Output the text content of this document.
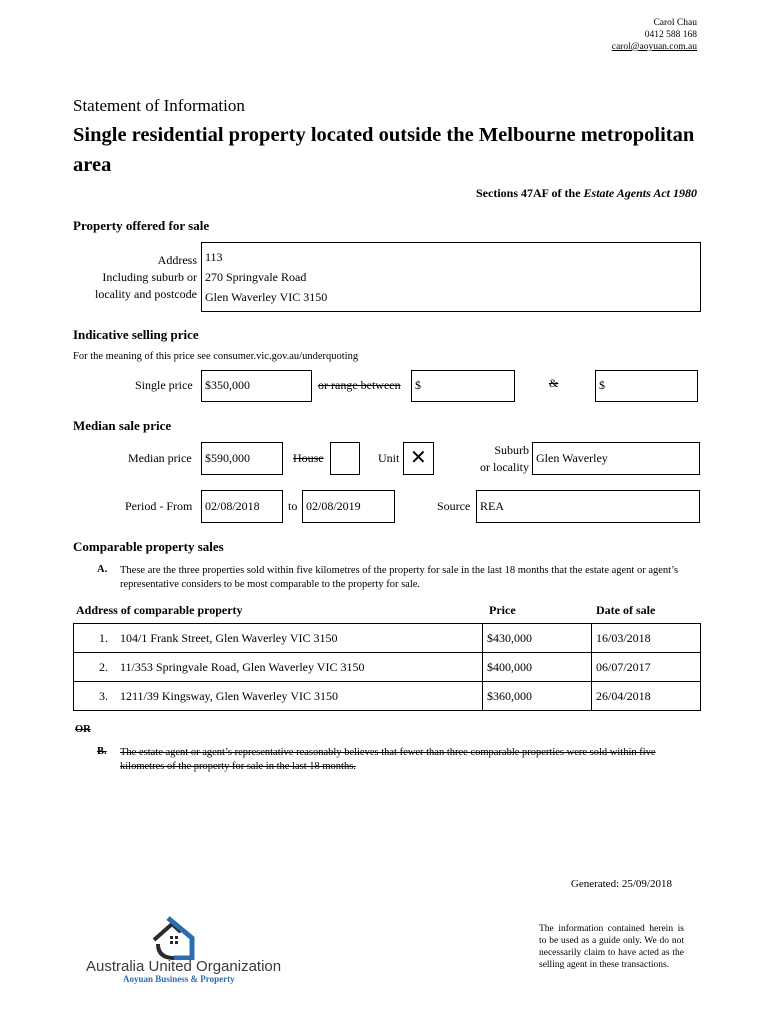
Carol Chau
0412 588 168
carol@aoyuan.com.au
Statement of Information
Single residential property located outside the Melbourne metropolitan area
Sections 47AF of the Estate Agents Act 1980
Property offered for sale
Address
Including suburb or
locality and postcode
113
270 Springvale Road
Glen Waverley VIC 3150
Indicative selling price
For the meaning of this price see consumer.vic.gov.au/underquoting
Single price	$350,000	or range between	$	&	$
Median sale price
Median price	$590,000	House	Unit ✕	Suburb
or locality
Glen Waverley
Period - From	02/08/2018	to 02/08/2019	Source REA
Comparable property sales
A. These are the three properties sold within five kilometres of the property for sale in the last 18 months that the estate agent or agent’s representative considers to be most comparable to the property for sale.
Address of comparable property	Price	Date of sale
1. 104/1 Frank Street, Glen Waverley VIC 3150	$430,000	16/03/2018
2. 11/353 Springvale Road, Glen Waverley VIC 3150	$400,000	06/07/2017
3. 1211/39 Kingsway, Glen Waverley VIC 3150	$360,000	26/04/2018
OR
B. The estate agent or agent’s representative reasonably believes that fewer than three comparable properties were sold within five kilometres of the property for sale in the last 18 months.
Generated: 25/09/2018
The information contained herein is to be used as a guide only. We do not necessarily claim to have acted as the selling agent in these transactions.
Australia United Organization
Aoyuan Business & Property
